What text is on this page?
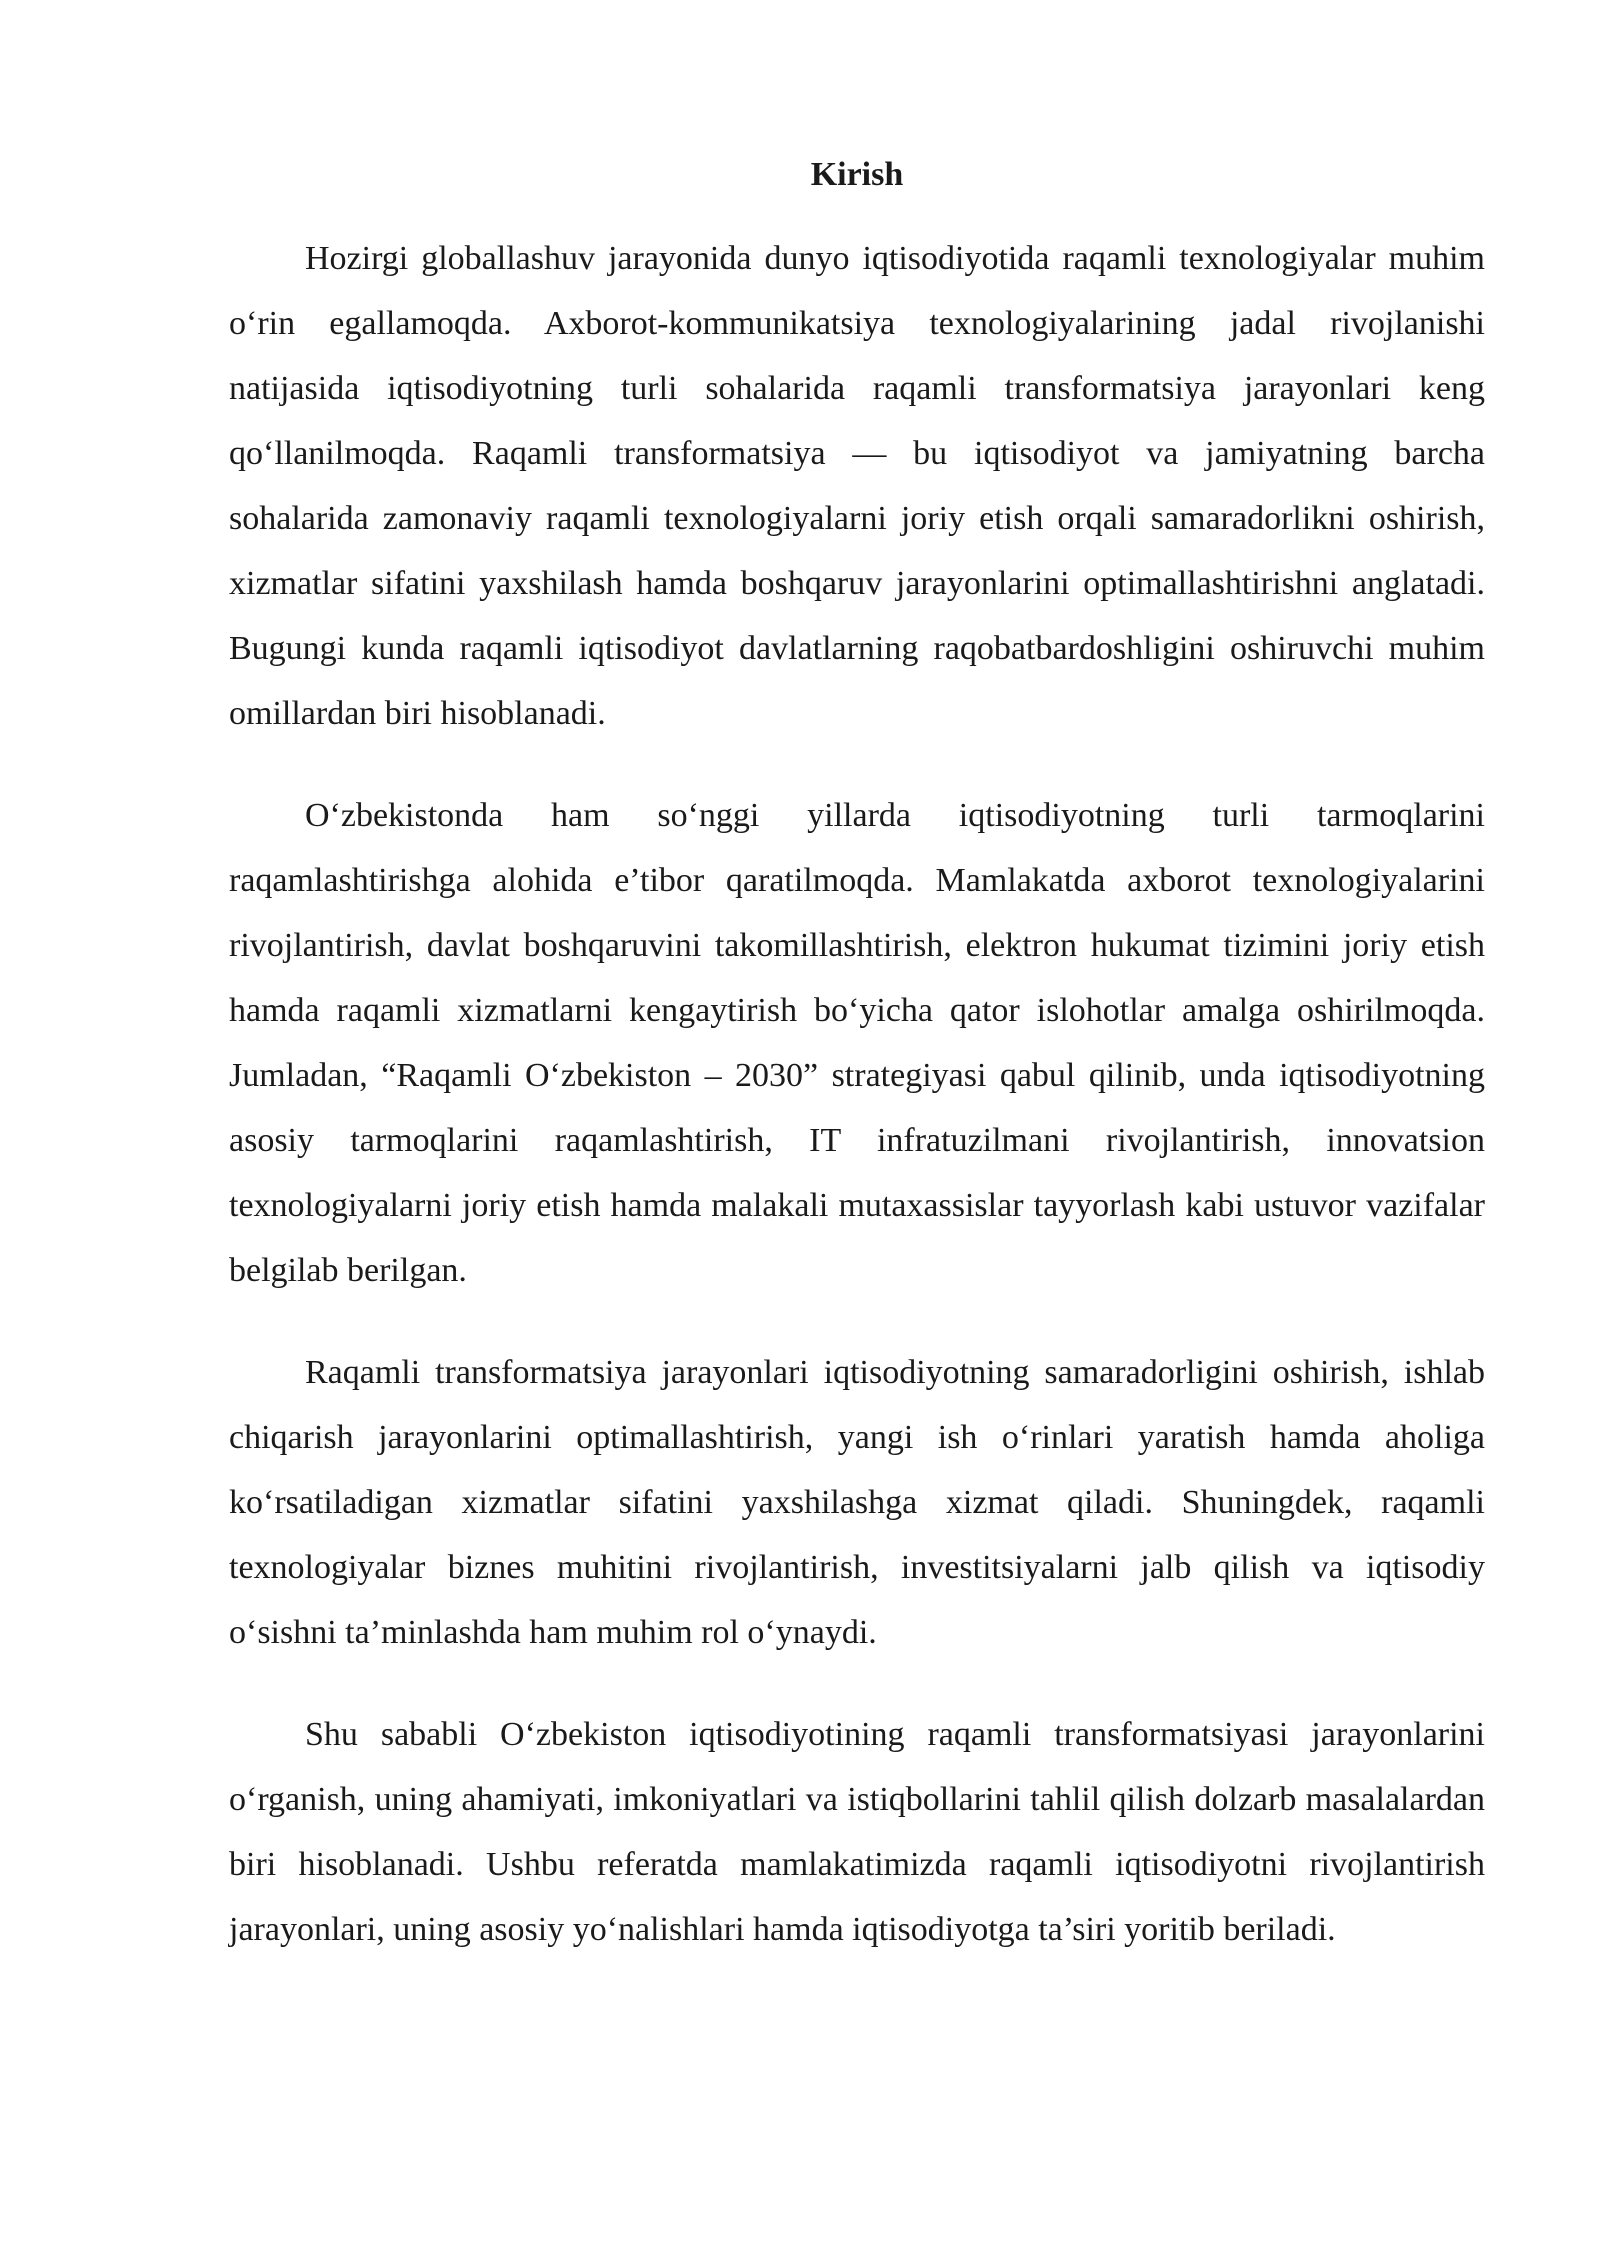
Kirish

Hozirgi globallashuv jarayonida dunyo iqtisodiyotida raqamli texnologiyalar muhim o‘rin egallamoqda. Axborot-kommunikatsiya texnologiyalarining jadal rivojlanishi natijasida iqtisodiyotning turli sohalarida raqamli transformatsiya jarayonlari keng qo‘llanilmoqda. Raqamli transformatsiya — bu iqtisodiyot va jamiyatning barcha sohalarida zamonaviy raqamli texnologiyalarni joriy etish orqali samaradorlikni oshirish, xizmatlar sifatini yaxshilash hamda boshqaruv jarayonlarini optimallashtirishni anglatadi. Bugungi kunda raqamli iqtisodiyot davlatlarning raqobatbardoshligini oshiruvchi muhim omillardan biri hisoblanadi.

O‘zbekistonda ham so‘nggi yillarda iqtisodiyotning turli tarmoqlarini raqamlashtirishga alohida e’tibor qaratilmoqda. Mamlakatda axborot texnologiyalarini rivojlantirish, davlat boshqaruvini takomillashtirish, elektron hukumat tizimini joriy etish hamda raqamli xizmatlarni kengaytirish bo‘yicha qator islohotlar amalga oshirilmoqda. Jumladan, “Raqamli O‘zbekiston – 2030” strategiyasi qabul qilinib, unda iqtisodiyotning asosiy tarmoqlarini raqamlashtirish, IT infratuzilmani rivojlantirish, innovatsion texnologiyalarni joriy etish hamda malakali mutaxassislar tayyorlash kabi ustuvor vazifalar belgilab berilgan.

Raqamli transformatsiya jarayonlari iqtisodiyotning samaradorligini oshirish, ishlab chiqarish jarayonlarini optimallashtirish, yangi ish o‘rinlari yaratish hamda aholiga ko‘rsatiladigan xizmatlar sifatini yaxshilashga xizmat qiladi. Shuningdek, raqamli texnologiyalar biznes muhitini rivojlantirish, investitsiyalarni jalb qilish va iqtisodiy o‘sishni ta’minlashda ham muhim rol o‘ynaydi.

Shu sababli O‘zbekiston iqtisodiyotining raqamli transformatsiyasi jarayonlarini o‘rganish, uning ahamiyati, imkoniyatlari va istiqbollarini tahlil qilish dolzarb masalalardan biri hisoblanadi. Ushbu referatda mamlakatimizda raqamli iqtisodiyotni rivojlantirish jarayonlari, uning asosiy yo‘nalishlari hamda iqtisodiyotga ta’siri yoritib beriladi.
